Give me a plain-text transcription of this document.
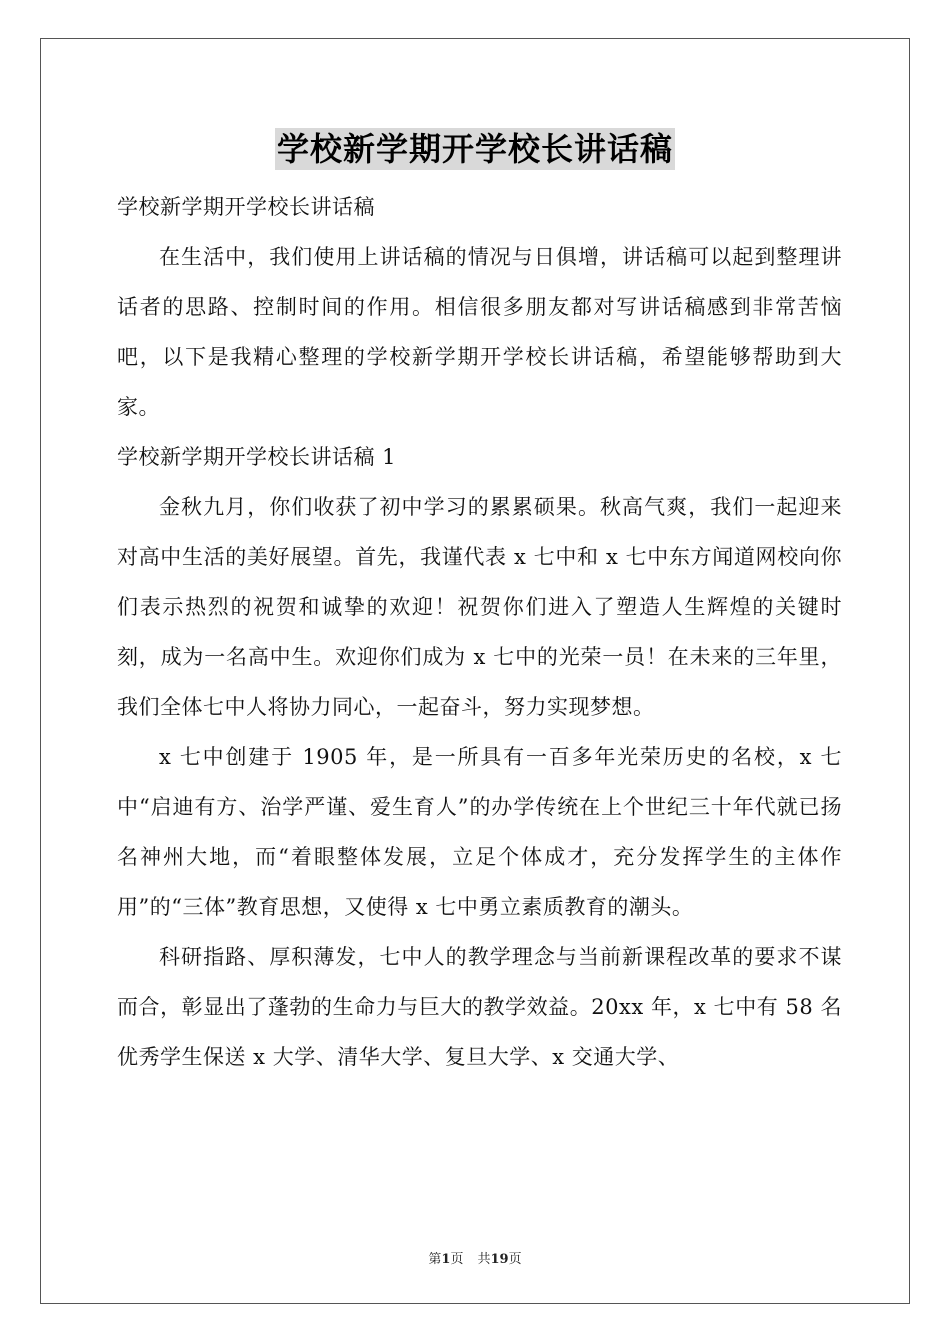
学校新学期开学校长讲话稿
学校新学期开学校长讲话稿
在生活中，我们使用上讲话稿的情况与日俱增，讲话稿可以起到整理讲话者的思路、控制时间的作用。相信很多朋友都对写讲话稿感到非常苦恼吧，以下是我精心整理的学校新学期开学校长讲话稿，希望能够帮助到大家。
学校新学期开学校长讲话稿 1
金秋九月，你们收获了初中学习的累累硕果。秋高气爽，我们一起迎来对高中生活的美好展望。首先，我谨代表 x 七中和 x 七中东方闻道网校向你们表示热烈的祝贺和诚挚的欢迎！祝贺你们进入了塑造人生辉煌的关键时刻，成为一名高中生。欢迎你们成为 x 七中的光荣一员！在未来的三年里，我们全体七中人将协力同心，一起奋斗，努力实现梦想。
x 七中创建于 1905 年，是一所具有一百多年光荣历史的名校，x 七中“启迪有方、治学严谨、爱生育人”的办学传统在上个世纪三十年代就已扬名神州大地，而“着眼整体发展，立足个体成才，充分发挥学生的主体作用”的“三体”教育思想，又使得 x 七中勇立素质教育的潮头。
科研指路、厚积薄发，七中人的教学理念与当前新课程改革的要求不谋而合，彰显出了蓬勃的生命力与巨大的教学效益。20xx 年，x 七中有 58 名优秀学生保送 x 大学、清华大学、复旦大学、x 交通大学、
第1页 共19页
